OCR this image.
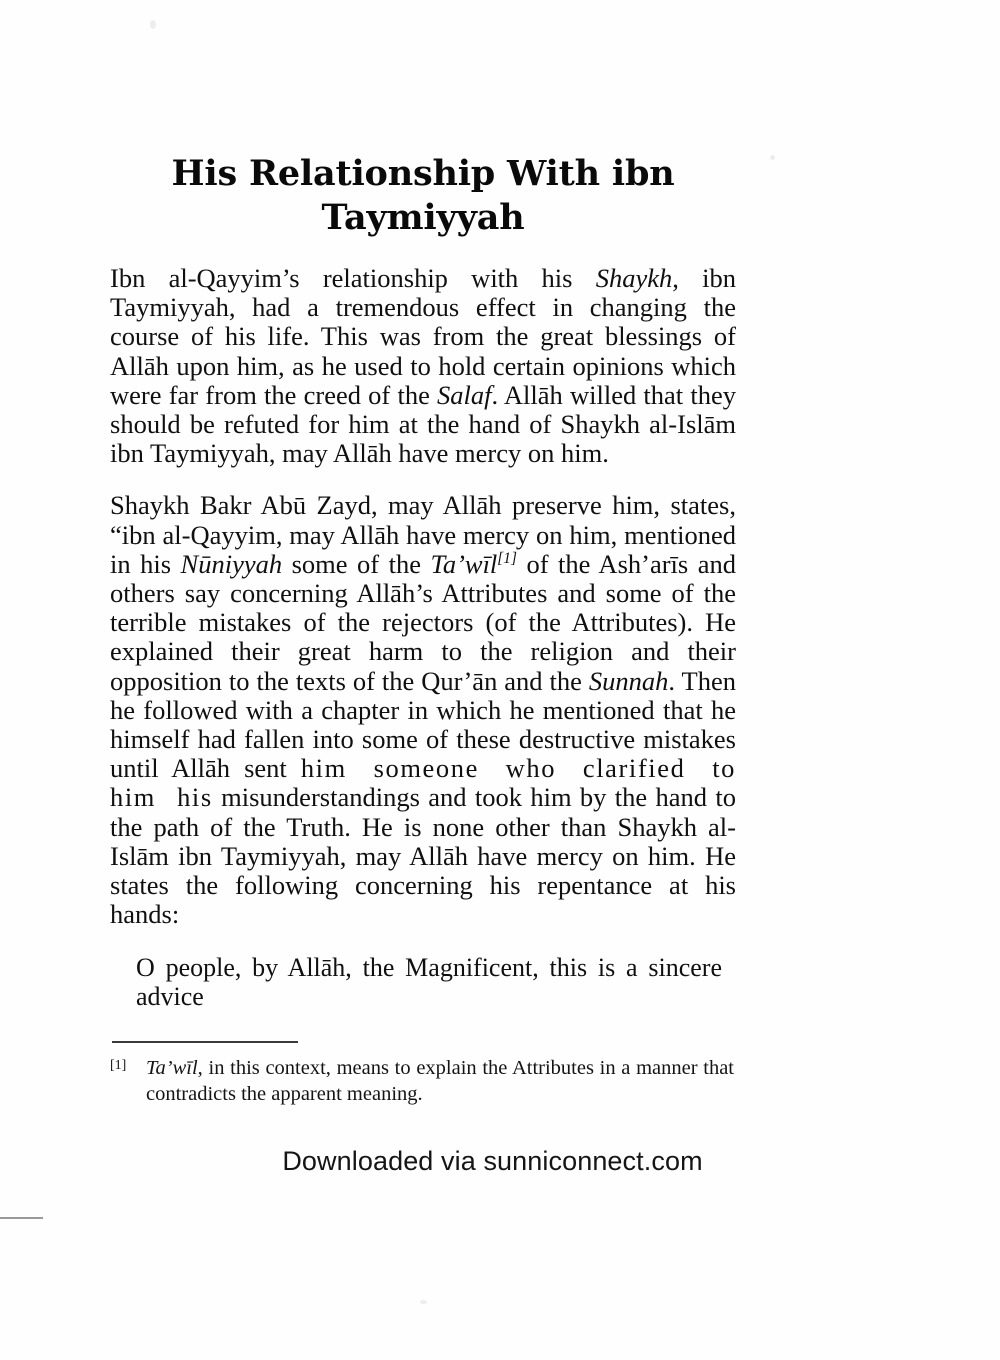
His Relationship With ibn
Taymiyyah

Ibn al-Qayyim’s relationship with his Shaykh, ibn Taymiyyah, had a tremendous effect in changing the course of his life. This was from the great blessings of Allāh upon him, as he used to hold certain opinions which were far from the creed of the Salaf. Allāh willed that they should be refuted for him at the hand of Shaykh al-Islām ibn Taymiyyah, may Allāh have mercy on him.

Shaykh Bakr Abū Zayd, may Allāh preserve him, states, “ibn al-Qayyim, may Allāh have mercy on him, mentioned in his Nūniyyah some of the Ta’wīl[1] of the Ash’arīs and others say concerning Allāh’s Attributes and some of the terrible mistakes of the rejectors (of the Attributes). He explained their great harm to the religion and their opposition to the texts of the Qur’ān and the Sunnah. Then he followed with a chapter in which he mentioned that he himself had fallen into some of these destructive mistakes until Allāh sent him someone who clarified to him his misunderstandings and took him by the hand to the path of the Truth. He is none other than Shaykh al-Islām ibn Taymiyyah, may Allāh have mercy on him. He states the following concerning his repentance at his hands:

O people, by Allāh, the Magnificent, this is a sincere advice

[1] Ta’wīl, in this context, means to explain the Attributes in a manner that contradicts the apparent meaning.

Downloaded via sunniconnect.com
